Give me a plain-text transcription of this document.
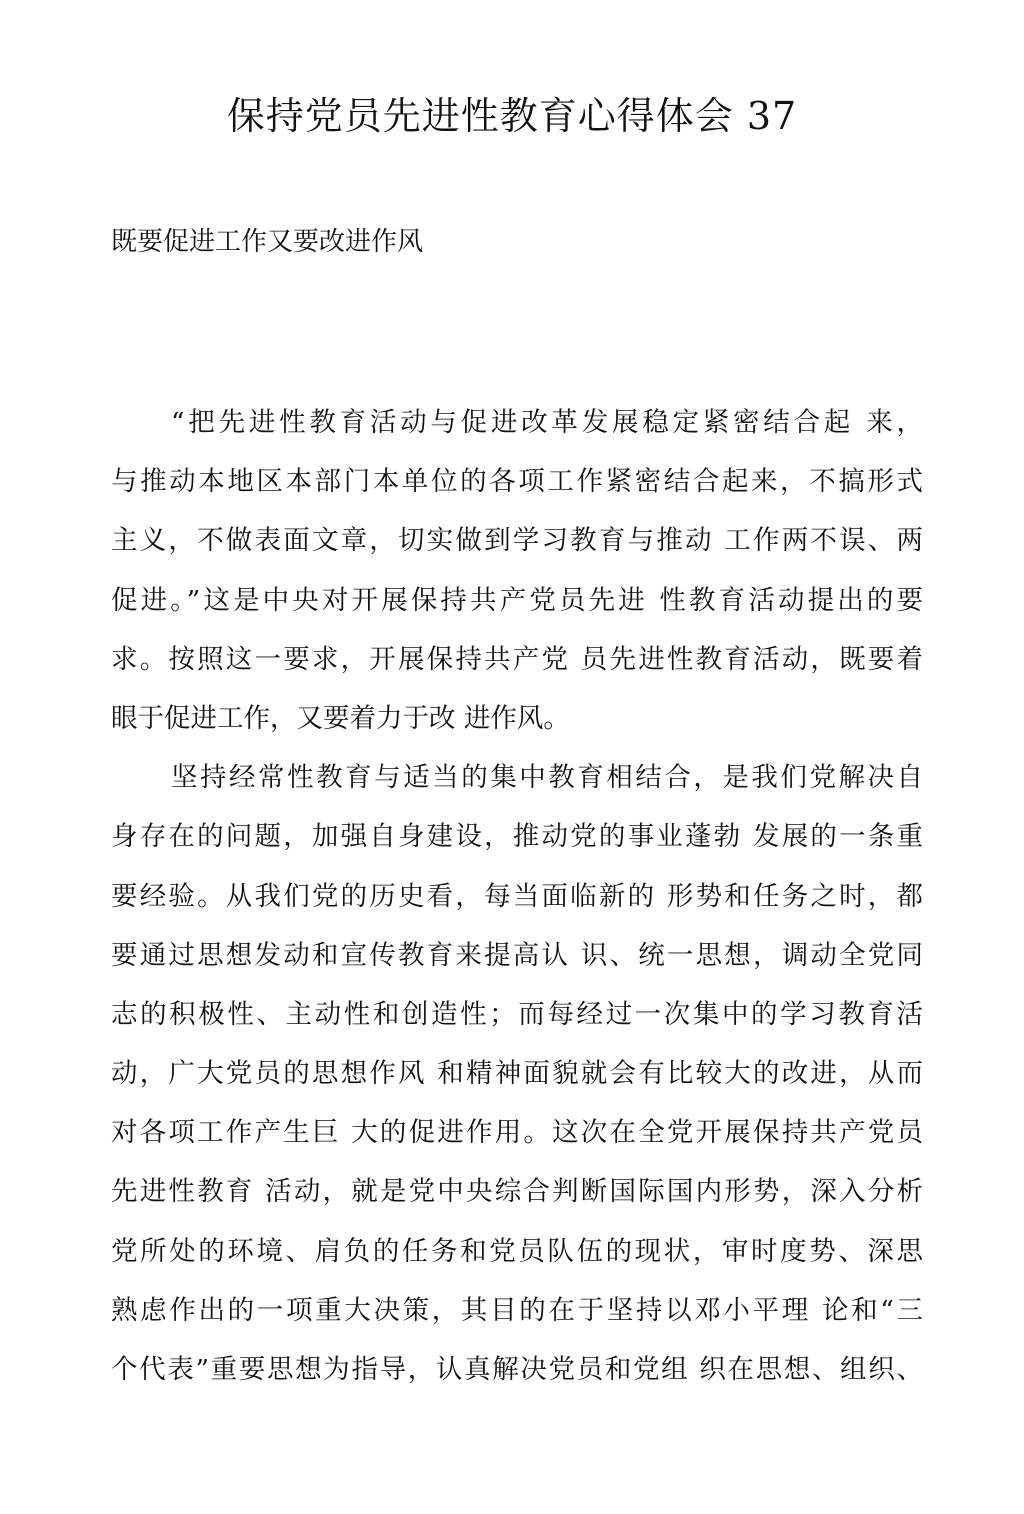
保持党员先进性教育心得体会 37

既要促进工作又要改进作风

“把先进性教育活动与促进改革发展稳定紧密结合起 来，
与推动本地区本部门本单位的各项工作紧密结合起来，不搞形式
主义，不做表面文章，切实做到学习教育与推动 工作两不误、两
促进。”这是中央对开展保持共产党员先进 性教育活动提出的要
求。按照这一要求，开展保持共产党 员先进性教育活动，既要着
眼于促进工作，又要着力于改 进作风。
坚持经常性教育与适当的集中教育相结合，是我们党解决自
身存在的问题，加强自身建设，推动党的事业蓬勃 发展的一条重
要经验。从我们党的历史看，每当面临新的 形势和任务之时，都
要通过思想发动和宣传教育来提高认 识、统一思想，调动全党同
志的积极性、主动性和创造性；而每经过一次集中的学习教育活
动，广大党员的思想作风 和精神面貌就会有比较大的改进，从而
对各项工作产生巨 大的促进作用。这次在全党开展保持共产党员
先进性教育 活动，就是党中央综合判断国际国内形势，深入分析
党所处的环境、肩负的任务和党员队伍的现状，审时度势、深思
熟虑作出的一项重大决策，其目的在于坚持以邓小平理 论和“三
个代表”重要思想为指导，认真解决党员和党组 织在思想、组织、
